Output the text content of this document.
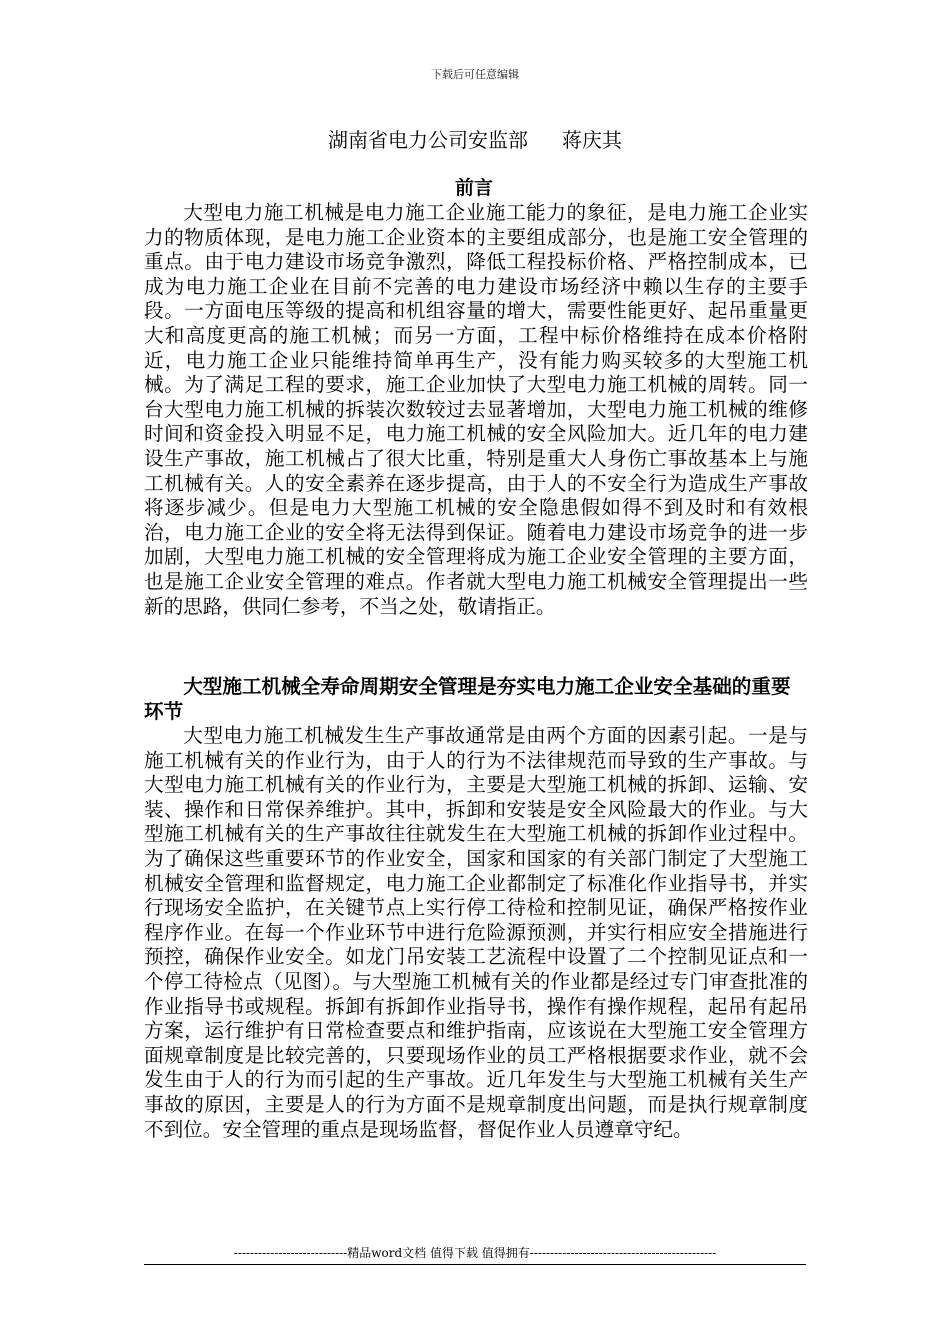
下载后可任意编辑
湖南省电力公司安监部 蒋庆其
前言

大型电力施工机械是电力施工企业施工能力的象征，是电力施工企业实力的物质体现，是电力施工企业资本的主要组成部分，也是施工安全管理的重点。由于电力建设市场竞争激烈，降低工程投标价格、严格控制成本，已成为电力施工企业在目前不完善的电力建设市场经济中赖以生存的主要手段。一方面电压等级的提高和机组容量的增大，需要性能更好、起吊重量更大和高度更高的施工机械；而另一方面，工程中标价格维持在成本价格附近，电力施工企业只能维持简单再生产，没有能力购买较多的大型施工机械。为了满足工程的要求，施工企业加快了大型电力施工机械的周转。同一台大型电力施工机械的拆装次数较过去显著增加，大型电力施工机械的维修时间和资金投入明显不足，电力施工机械的安全风险加大。近几年的电力建设生产事故，施工机械占了很大比重，特别是重大人身伤亡事故基本上与施工机械有关。人的安全素养在逐步提高，由于人的不安全行为造成生产事故将逐步减少。但是电力大型施工机械的安全隐患假如得不到及时和有效根治，电力施工企业的安全将无法得到保证。随着电力建设市场竞争的进一步加剧，大型电力施工机械的安全管理将成为施工企业安全管理的主要方面，也是施工企业安全管理的难点。作者就大型电力施工机械安全管理提出一些新的思路，供同仁参考，不当之处，敬请指正。

大型施工机械全寿命周期安全管理是夯实电力施工企业安全基础的重要环节

大型电力施工机械发生生产事故通常是由两个方面的因素引起。一是与施工机械有关的作业行为，由于人的行为不法律规范而导致的生产事故。与大型电力施工机械有关的作业行为，主要是大型施工机械的拆卸、运输、安装、操作和日常保养维护。其中，拆卸和安装是安全风险最大的作业。与大型施工机械有关的生产事故往往就发生在大型施工机械的拆卸作业过程中。为了确保这些重要环节的作业安全，国家和国家的有关部门制定了大型施工机械安全管理和监督规定，电力施工企业都制定了标准化作业指导书，并实行现场安全监护，在关键节点上实行停工待检和控制见证，确保严格按作业程序作业。在每一个作业环节中进行危险源预测，并实行相应安全措施进行预控，确保作业安全。如龙门吊安装工艺流程中设置了二个控制见证点和一个停工待检点（见图）。与大型施工机械有关的作业都是经过专门审查批准的作业指导书或规程。拆卸有拆卸作业指导书，操作有操作规程，起吊有起吊方案，运行维护有日常检查要点和维护指南，应该说在大型施工安全管理方面规章制度是比较完善的，只要现场作业的员工严格根据要求作业，就不会发生由于人的行为而引起的生产事故。近几年发生与大型施工机械有关生产事故的原因，主要是人的行为方面不是规章制度出问题，而是执行规章制度不到位。安全管理的重点是现场监督，督促作业人员遵章守纪。

----------------------------精品word文档 值得下载 值得拥有----------------------------------------------
